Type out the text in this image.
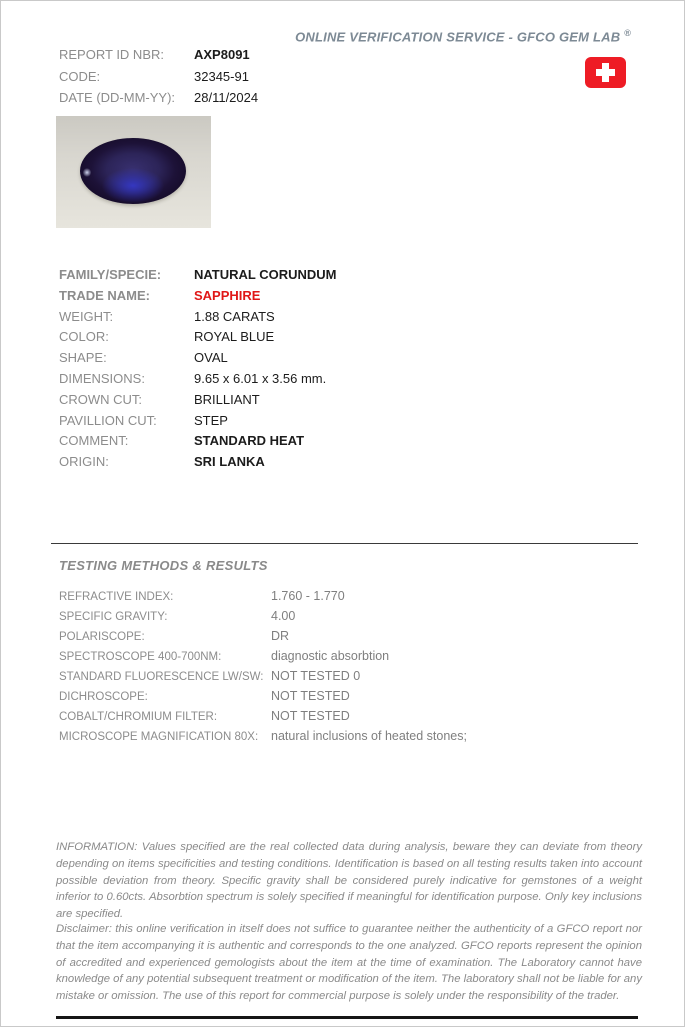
ONLINE VERIFICATION SERVICE - GFCO GEM LAB ®
REPORT ID NBR:	AXP8091
CODE:	32345-91
DATE (DD-MM-YY):	28/11/2024
FAMILY/SPECIE:	NATURAL CORUNDUM
TRADE NAME:	SAPPHIRE
WEIGHT:	1.88 CARATS
COLOR:	ROYAL BLUE
SHAPE:	OVAL
DIMENSIONS:	9.65 x 6.01 x 3.56 mm.
CROWN CUT:	BRILLIANT
PAVILLION CUT:	STEP
COMMENT:	STANDARD HEAT
ORIGIN:	SRI LANKA
TESTING METHODS & RESULTS
REFRACTIVE INDEX:	1.760 - 1.770
SPECIFIC GRAVITY:	4.00
POLARISCOPE:	DR
SPECTROSCOPE 400-700NM:	diagnostic absorbtion
STANDARD FLUORESCENCE LW/SW: NOT TESTED 0
DICHROSCOPE:	NOT TESTED
COBALT/CHROMIUM FILTER:	NOT TESTED
MICROSCOPE MAGNIFICATION 80X:	natural inclusions of heated stones;
INFORMATION: Values specified are the real collected data during analysis, beware they can deviate from theory depending on items specificities and testing conditions. Identification is based on all testing results taken into account possible deviation from theory. Specific gravity shall be considered purely indicative for gemstones of a weight inferior to 0.60cts. Absorbtion spectrum is solely specified if meaningful for identification purpose. Only key inclusions are specified.
Disclaimer: this online verification in itself does not suffice to guarantee neither the authenticity of a GFCO report nor that the item accompanying it is authentic and corresponds to the one analyzed. GFCO reports represent the opinion of accredited and experienced gemologists about the item at the time of examination. The Laboratory cannot have knowledge of any potential subsequent treatment or modification of the item. The laboratory shall not be liable for any mistake or omission. The use of this report for commercial purpose is solely under the responsibility of the trader.
